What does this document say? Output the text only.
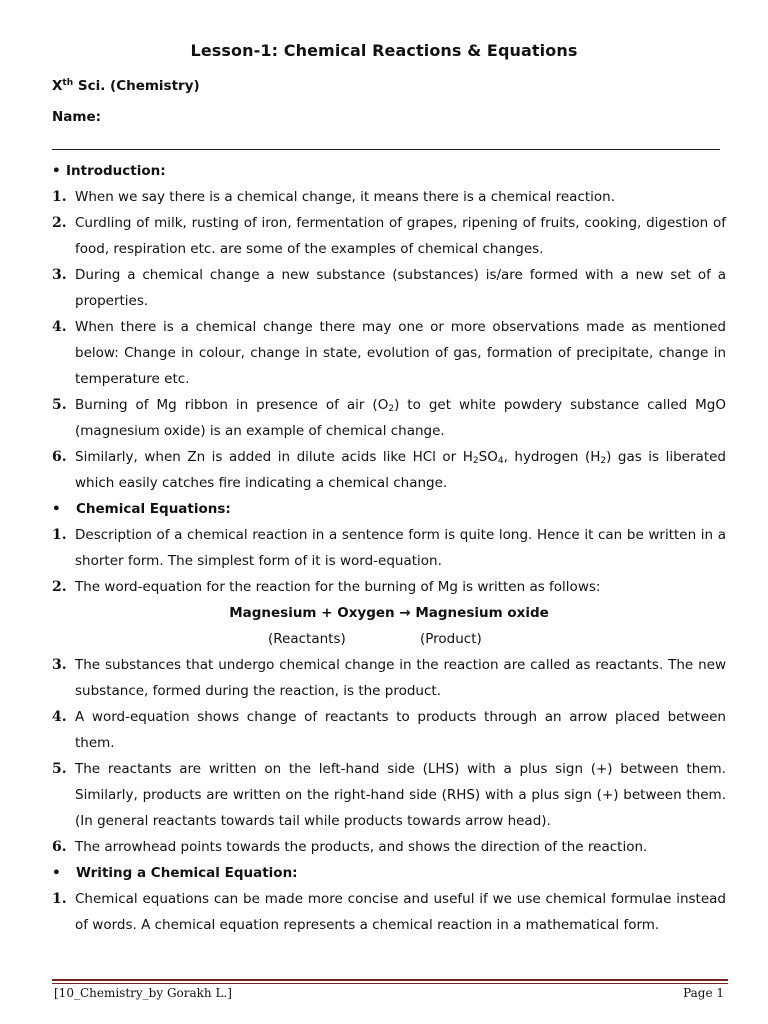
Lesson-1: Chemical Reactions & Equations
Xth Sci. (Chemistry)
Name:
• Introduction:
1. When we say there is a chemical change, it means there is a chemical reaction.
2. Curdling of milk, rusting of iron, fermentation of grapes, ripening of fruits, cooking, digestion of food, respiration etc. are some of the examples of chemical changes.
3. During a chemical change a new substance (substances) is/are formed with a new set of a properties.
4. When there is a chemical change there may one or more observations made as mentioned below: Change in colour, change in state, evolution of gas, formation of precipitate, change in temperature etc.
5. Burning of Mg ribbon in presence of air $(O_2)$ to get white powdery substance called MgO (magnesium oxide) is an example of chemical change.
6. Similarly, when Zn is added in dilute acids like HCl or $H_2SO_4$, hydrogen $(H_2)$ gas is liberated which easily catches fire indicating a chemical change.
• Chemical Equations:
1. Description of a chemical reaction in a sentence form is quite long. Hence it can be written in a shorter form. The simplest form of it is word-equation.
2. The word-equation for the reaction for the burning of Mg is written as follows:
Magnesium + Oxygen → Magnesium oxide
(Reactants)	(Product)
3. The substances that undergo chemical change in the reaction are called as reactants. The new substance, formed during the reaction, is the product.
4. A word-equation shows change of reactants to products through an arrow placed between them.
5. The reactants are written on the left-hand side (LHS) with a plus sign (+) between them. Similarly, products are written on the right-hand side (RHS) with a plus sign (+) between them. (In general reactants towards tail while products towards arrow head).
6. The arrowhead points towards the products, and shows the direction of the reaction.
• Writing a Chemical Equation:
1. Chemical equations can be made more concise and useful if we use chemical formulae instead of words. A chemical equation represents a chemical reaction in a mathematical form.
[10_Chemistry_by Gorakh L.]	Page 1
